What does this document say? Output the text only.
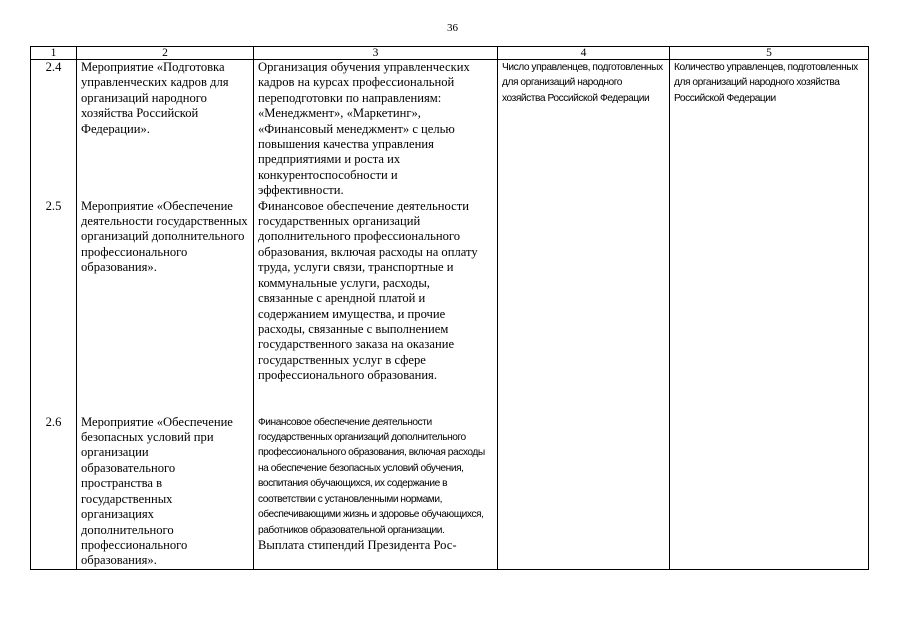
36
1	2	3	4	5
2.4	Мероприятие «Подготовка управленческих кадров для организаций народного хозяйства Российской Федерации».	Организация обучения управленческих кадров на курсах профессиональной переподготовки по направлениям: «Менеджмент», «Маркетинг», «Финансовый менеджмент» с целью повышения качества управления предприятиями и роста их конкурентоспособности и эффективности.	Число управленцев, подготовленных для организаций народного хозяйства Российской Федерации	Количество управленцев, подготовленных для организаций народного хозяйства Российской Федерации
2.5	Мероприятие «Обеспечение деятельности государственных организаций дополнительного профессионального образования».	Финансовое обеспечение деятельности государственных организаций дополнительного профессионального образования, включая расходы на оплату труда, услуги связи, транспортные и коммунальные услуги, расходы, связанные с арендной платой и содержанием имущества, и прочие расходы, связанные с выполнением государственного заказа на оказание государственных услуг в сфере профессионального образования.		
2.6	Мероприятие «Обеспечение безопасных условий при организации образовательного пространства в государственных организациях дополнительного профессионального образования».	Финансовое обеспечение деятельности государственных организаций дополнительного профессионального образования, включая расходы на обеспечение безопасных условий обучения, воспитания обучающихся, их содержание в соответствии с установленными нормами, обеспечивающими жизнь и здоровье обучающихся, работников образовательной организации.
Выплата стипендий Президента Рос-		
